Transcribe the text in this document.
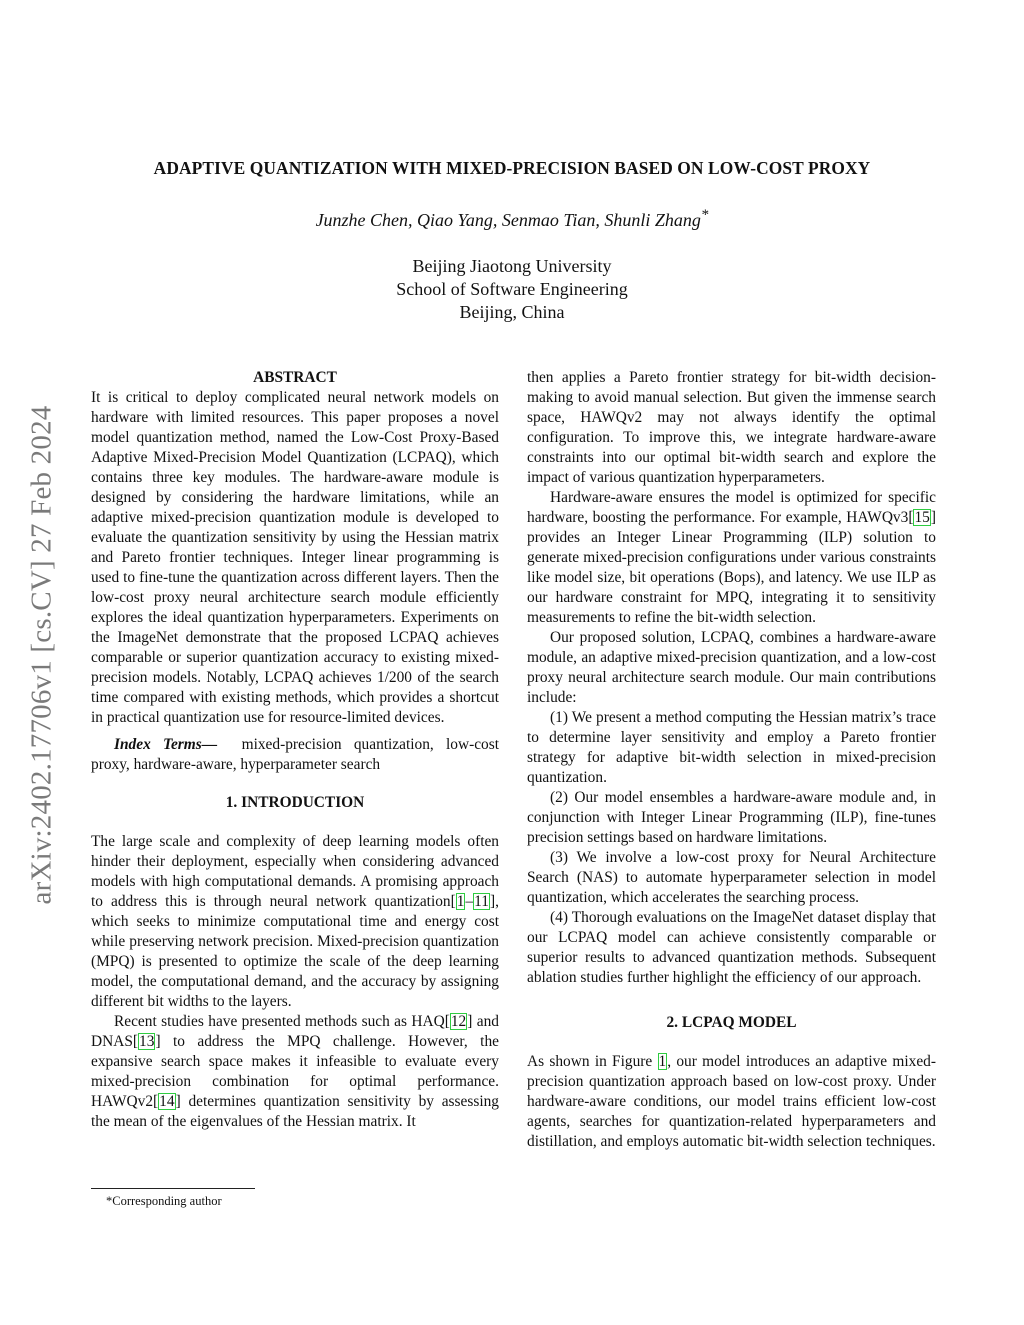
arXiv:2402.17706v1 [cs.CV] 27 Feb 2024
ADAPTIVE QUANTIZATION WITH MIXED-PRECISION BASED ON LOW-COST PROXY
Junzhe Chen, Qiao Yang, Senmao Tian, Shunli Zhang*
Beijing Jiaotong University
School of Software Engineering
Beijing, China
ABSTRACT

It is critical to deploy complicated neural network models on hardware with limited resources. This paper proposes a novel model quantization method, named the Low-Cost Proxy-Based Adaptive Mixed-Precision Model Quantization (LCPAQ), which contains three key modules. The hardware-aware module is designed by considering the hardware limitations, while an adaptive mixed-precision quantization module is developed to evaluate the quantization sensitivity by using the Hessian matrix and Pareto frontier techniques. Integer linear programming is used to fine-tune the quantization across different layers. Then the low-cost proxy neural architecture search module efficiently explores the ideal quantization hyperparameters. Experiments on the ImageNet demonstrate that the proposed LCPAQ achieves comparable or superior quantization accuracy to existing mixed-precision models. Notably, LCPAQ achieves 1/200 of the search time compared with existing methods, which provides a shortcut in practical quantization use for resource-limited devices.

Index Terms— mixed-precision quantization, low-cost proxy, hardware-aware, hyperparameter search

1. INTRODUCTION

The large scale and complexity of deep learning models often hinder their deployment, especially when considering advanced models with high computational demands. A promising approach to address this is through neural network quantization[1–11], which seeks to minimize computational time and energy cost while preserving network precision. Mixed-precision quantization (MPQ) is presented to optimize the scale of the deep learning model, the computational demand, and the accuracy by assigning different bit widths to the layers.

Recent studies have presented methods such as HAQ[12] and DNAS[13] to address the MPQ challenge. However, the expansive search space makes it infeasible to evaluate every mixed-precision combination for optimal performance. HAWQv2[14] determines quantization sensitivity by assessing the mean of the eigenvalues of the Hessian matrix. It

*Corresponding author

then applies a Pareto frontier strategy for bit-width decision-making to avoid manual selection. But given the immense search space, HAWQv2 may not always identify the optimal configuration. To improve this, we integrate hardware-aware constraints into our optimal bit-width search and explore the impact of various quantization hyperparameters.

Hardware-aware ensures the model is optimized for specific hardware, boosting the performance. For example, HAWQv3[15] provides an Integer Linear Programming (ILP) solution to generate mixed-precision configurations under various constraints like model size, bit operations (Bops), and latency. We use ILP as our hardware constraint for MPQ, integrating it to sensitivity measurements to refine the bit-width selection.

Our proposed solution, LCPAQ, combines a hardware-aware module, an adaptive mixed-precision quantization, and a low-cost proxy neural architecture search module. Our main contributions include:

(1) We present a method computing the Hessian matrix’s trace to determine layer sensitivity and employ a Pareto frontier strategy for adaptive bit-width selection in mixed-precision quantization.

(2) Our model ensembles a hardware-aware module and, in conjunction with Integer Linear Programming (ILP), fine-tunes precision settings based on hardware limitations.

(3) We involve a low-cost proxy for Neural Architecture Search (NAS) to automate hyperparameter selection in model quantization, which accelerates the searching process.

(4) Thorough evaluations on the ImageNet dataset display that our LCPAQ model can achieve consistently comparable or superior results to advanced quantization methods. Subsequent ablation studies further highlight the efficiency of our approach.

2. LCPAQ MODEL

As shown in Figure 1, our model introduces an adaptive mixed-precision quantization approach based on low-cost proxy. Under hardware-aware conditions, our model trains efficient low-cost agents, searches for quantization-related hyperparameters and distillation, and employs automatic bit-width selection techniques.
